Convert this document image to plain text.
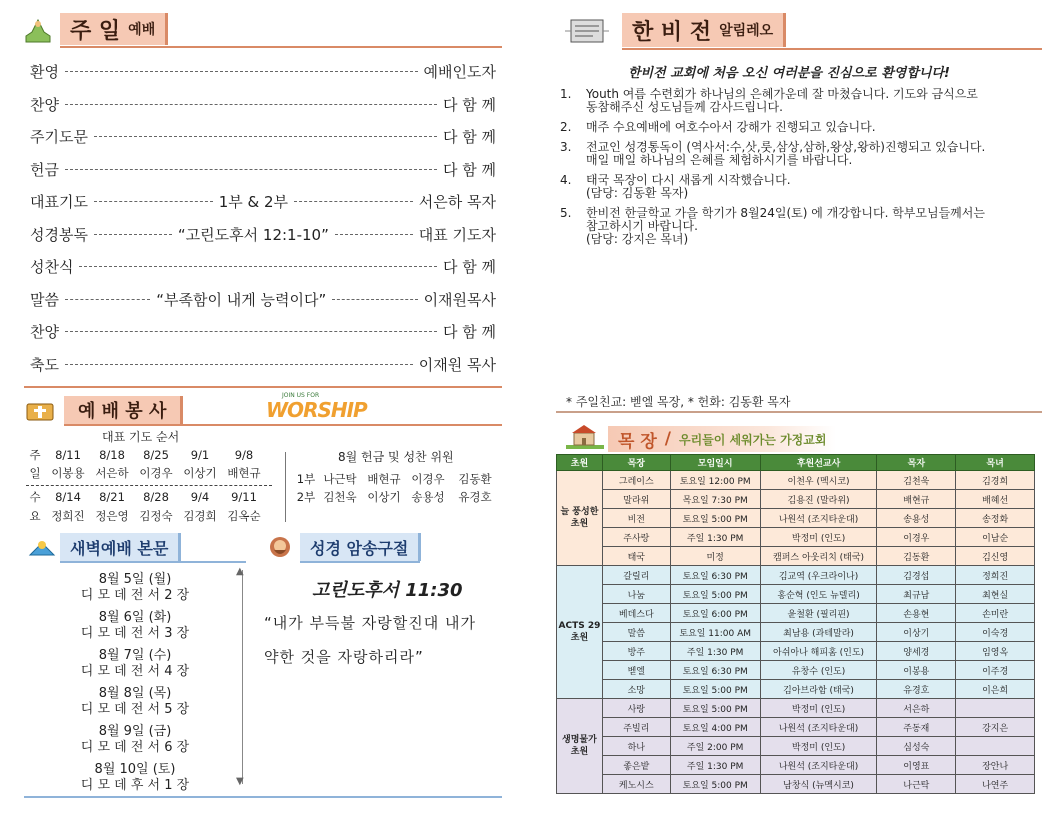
주 일 예배
환영	예배인도자
찬양	다 함 께
주기도문	다 함 께
헌금	다 함 께
대표기도	1부 & 2부	서은하 목자
성경봉독	“고린도후서 12:1-10”	대표 기도자
성찬식	다 함 께
말씀	“부족함이 내게 능력이다”	이재원목사
찬양	다 함 께
축도	이재원 목사
예 배 봉 사
JOIN US FOR
WORSHIP
대표 기도 순서
주	8/11	8/18	8/25	9/1	9/8
일 이봉용 서은하 이경우 이상기 배현규
수	8/14	8/21	8/28	9/4	9/11
요 정희진 정은영 김정숙 김경희 김옥순
8월 헌금 및 성찬 위원
1부 나근탁 배현규 이경우	김동환
2부 김천욱 이상기 송용성	유경호
새벽예배 본문
8월 5일 (월)
디 모 데 전 서 2 장
8월 6일 (화)
디 모 데 전 서 3 장
8월 7일 (수)
디 모 데 전 서 4 장
8월 8일 (목)
디 모 데 전 서 5 장
8월 9일 (금)
디 모 데 전 서 6 장
8월 10일 (토)
디 모 데 후 서 1 장
▲
▼
성경 암송구절
고린도후서 11:30
“내가 부득불 자랑할진대 내가
약한 것을 자랑하리라”
한 비 전 알림레오
한비전 교회에 처음 오신 여러분을 진심으로 환영합니다!
1.	Youth 여름 수련회가 하나님의 은혜가운데 잘 마쳤습니다. 기도와 금식으로
동참해주신 성도님들께 감사드립니다.
2.	매주 수요예배에 여호수아서 강해가 진행되고 있습니다.
3.	전교인 성경통독이 (역사서:수,삿,룻,삼상,삼하,왕상,왕하)진행되고 있습니다.
매일 매일 하나님의 은혜를 체험하시기를 바랍니다.
4.	태국 목장이 다시 새롭게 시작했습니다.
(담당: 김동환 목자)
5.	한비전 한글학교 가을 학기가 8월24일(토) 에 개강합니다. 학부모님들께서는
참고하시기 바랍니다.
(담당: 강지은 목녀)
* 주일친교: 벧엘 목장, * 헌화: 김동환 목자
목 장 / 우리들이 세워가는 가정교회
초원	목장	모임일시	후원선교사	목자	목녀
늘 풍성한 초원	그레이스	토요일 12:00 PM	이천우 (멕시코)	김천욱	김경희
	말라위	목요일 7:30 PM	김용진 (말라위)	배현규	배혜선
	비전	토요일 5:00 PM	나원석 (조지타운대)	송용성	송정화
	주사랑	주일 1:30 PM	박정미 (인도)	이경우	이남순
	태국	미정	캠퍼스 아웃리치 (태국)	김동환	김신영
ACTS 29 초원	갈릴리	토요일 6:30 PM	김교역 (우크라이나)	김경섭	정희진
	나눔	토요일 5:00 PM	홍순혁 (인도 뉴델리)	최규남	최현실
	베데스다	토요일 6:00 PM	윤철환 (필리핀)	손용현	손미란
	말씀	토요일 11:00 AM	최남용 (과테말라)	이상기	이숙경
	방주	주일 1:30 PM	아쉬아나 해피홈 (인도)	양세경	임영옥
	벧엘	토요일 6:30 PM	유창수 (인도)	이봉용	이주경
	소망	토요일 5:00 PM	김아브라함 (태국)	유경호	이은희
생명물가 초원	사랑	토요일 5:00 PM	박정미 (인도)	서은하	
	주빌리	토요일 4:00 PM	나원석 (조지타운대)	주동재	강지은
	하나	주일 2:00 PM	박정미 (인도)	심성숙	
	좋은밭	주일 1:30 PM	나원석 (조지타운대)	이영표	장안나
	케노시스	토요일 5:00 PM	남창식 (뉴멕시코)	나근탁	나연주
